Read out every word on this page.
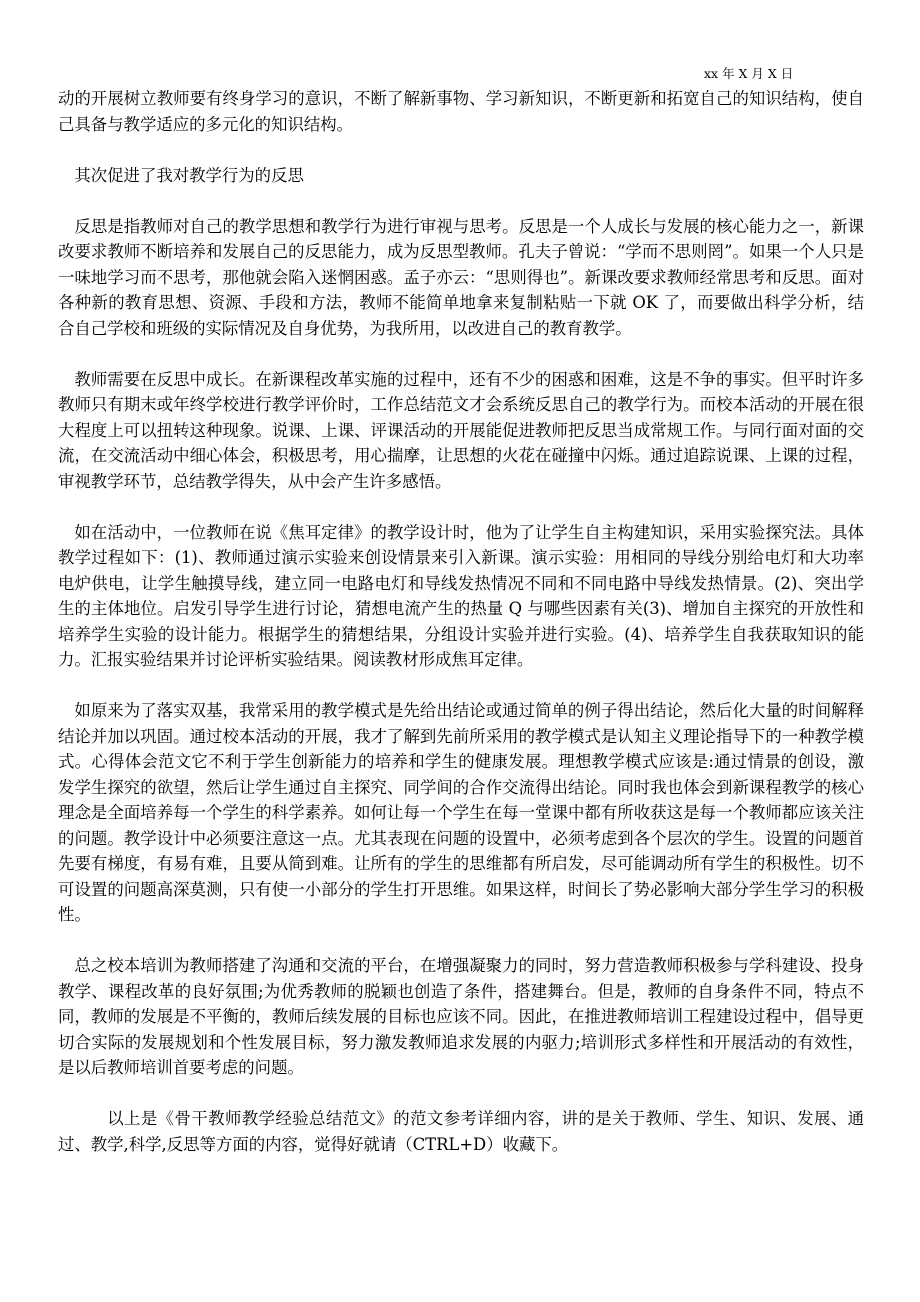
xx 年 X 月 X 日

动的开展树立教师要有终身学习的意识，不断了解新事物、学习新知识，不断更新和拓宽自己的知识结构，使自己具备与教学适应的多元化的知识结构。

其次促进了我对教学行为的反思

反思是指教师对自己的教学思想和教学行为进行审视与思考。反思是一个人成长与发展的核心能力之一，新课改要求教师不断培养和发展自己的反思能力，成为反思型教师。孔夫子曾说：“学而不思则罔”。如果一个人只是一味地学习而不思考，那他就会陷入迷惘困惑。孟子亦云：“思则得也”。新课改要求教师经常思考和反思。面对各种新的教育思想、资源、手段和方法，教师不能简单地拿来复制粘贴一下就 OK 了，而要做出科学分析，结合自己学校和班级的实际情况及自身优势，为我所用，以改进自己的教育教学。

教师需要在反思中成长。在新课程改革实施的过程中，还有不少的困惑和困难，这是不争的事实。但平时许多教师只有期末或年终学校进行教学评价时，工作总结范文才会系统反思自己的教学行为。而校本活动的开展在很大程度上可以扭转这种现象。说课、上课、评课活动的开展能促进教师把反思当成常规工作。与同行面对面的交流，在交流活动中细心体会，积极思考，用心揣摩，让思想的火花在碰撞中闪烁。通过追踪说课、上课的过程，审视教学环节，总结教学得失，从中会产生许多感悟。

如在活动中，一位教师在说《焦耳定律》的教学设计时，他为了让学生自主构建知识，采用实验探究法。具体教学过程如下：(1)、教师通过演示实验来创设情景来引入新课。演示实验：用相同的导线分别给电灯和大功率电炉供电，让学生触摸导线，建立同一电路电灯和导线发热情况不同和不同电路中导线发热情景。(2)、突出学生的主体地位。启发引导学生进行讨论，猜想电流产生的热量 Q 与哪些因素有关(3)、增加自主探究的开放性和培养学生实验的设计能力。根据学生的猜想结果，分组设计实验并进行实验。(4)、培养学生自我获取知识的能力。汇报实验结果并讨论评析实验结果。阅读教材形成焦耳定律。

如原来为了落实双基，我常采用的教学模式是先给出结论或通过简单的例子得出结论，然后化大量的时间解释结论并加以巩固。通过校本活动的开展，我才了解到先前所采用的教学模式是认知主义理论指导下的一种教学模式。心得体会范文它不利于学生创新能力的培养和学生的健康发展。理想教学模式应该是:通过情景的创设，激发学生探究的欲望，然后让学生通过自主探究、同学间的合作交流得出结论。同时我也体会到新课程教学的核心理念是全面培养每一个学生的科学素养。如何让每一个学生在每一堂课中都有所收获这是每一个教师都应该关注的问题。教学设计中必须要注意这一点。尤其表现在问题的设置中，必须考虑到各个层次的学生。设置的问题首先要有梯度，有易有难，且要从简到难。让所有的学生的思维都有所启发，尽可能调动所有学生的积极性。切不可设置的问题高深莫测，只有使一小部分的学生打开思维。如果这样，时间长了势必影响大部分学生学习的积极性。

总之校本培训为教师搭建了沟通和交流的平台，在增强凝聚力的同时，努力营造教师积极参与学科建设、投身教学、课程改革的良好氛围;为优秀教师的脱颖也创造了条件，搭建舞台。但是，教师的自身条件不同，特点不同，教师的发展是不平衡的，教师后续发展的目标也应该不同。因此，在推进教师培训工程建设过程中，倡导更切合实际的发展规划和个性发展目标，努力激发教师追求发展的内驱力;培训形式多样性和开展活动的有效性，是以后教师培训首要考虑的问题。

以上是《骨干教师教学经验总结范文》的范文参考详细内容，讲的是关于教师、学生、知识、发展、通过、教学,科学,反思等方面的内容，觉得好就请（CTRL+D）收藏下。
